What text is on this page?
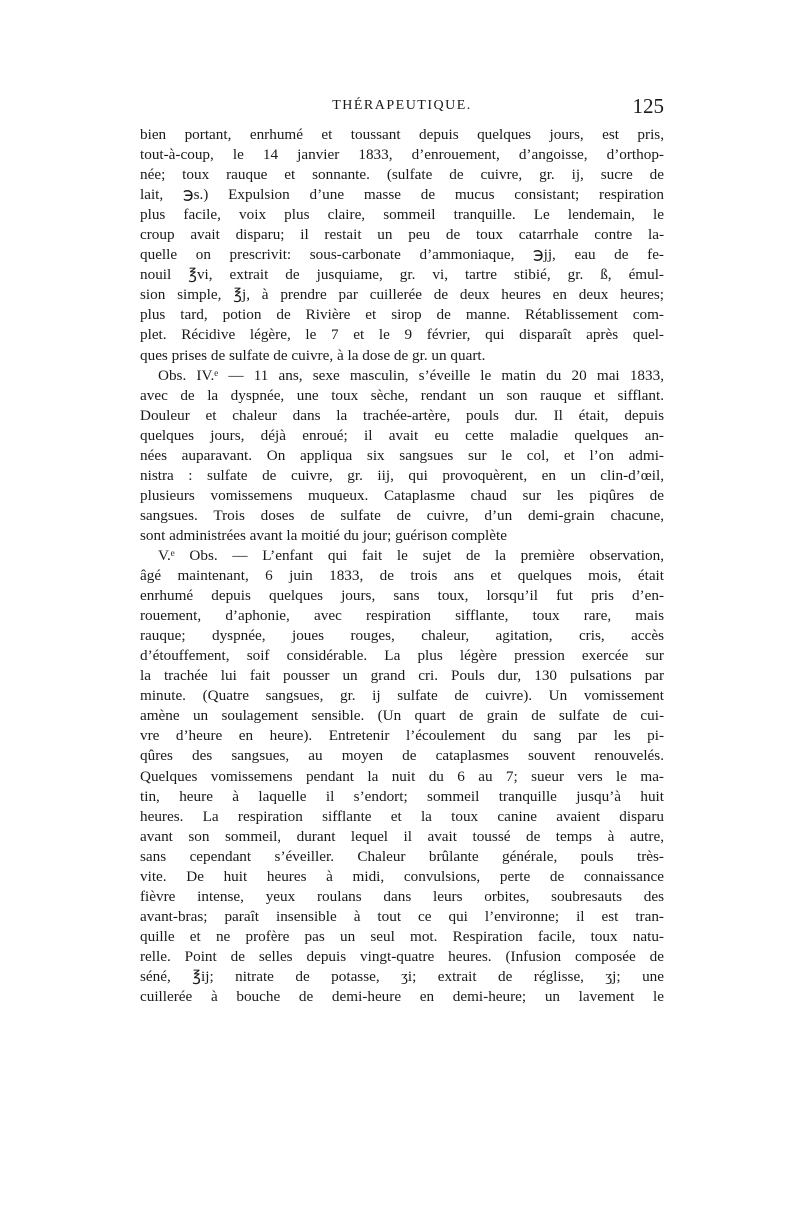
THÉRAPEUTIQUE.	125
bien portant, enrhumé et toussant depuis quelques jours, est pris,
tout-à-coup, le 14 janvier 1833, d’enrouement, d’angoisse, d’orthop-
née; toux rauque et sonnante. (sulfate de cuivre, gr. ij, sucre de
lait, ℈s.) Expulsion d’une masse de mucus consistant; respiration
plus facile, voix plus claire, sommeil tranquille. Le lendemain, le
croup avait disparu; il restait un peu de toux catarrhale contre la-
quelle on prescrivit: sous-carbonate d’ammoniaque, ℈jj, eau de fe-
nouil ℥vi, extrait de jusquiame, gr. vi, tartre stibié, gr. ß, émul-
sion simple, ℥j, à prendre par cuillerée de deux heures en deux heures;
plus tard, potion de Rivière et sirop de manne. Rétablissement com-
plet. Récidive légère, le 7 et le 9 février, qui disparaît après quel-
ques prises de sulfate de cuivre, à la dose de gr. un quart.
Obs. IV.ᵉ — 11 ans, sexe masculin, s’éveille le matin du 20 mai 1833,
avec de la dyspnée, une toux sèche, rendant un son rauque et sifflant.
Douleur et chaleur dans la trachée-artère, pouls dur. Il était, depuis
quelques jours, déjà enroué; il avait eu cette maladie quelques an-
nées auparavant. On appliqua six sangsues sur le col, et l’on admi-
nistra : sulfate de cuivre, gr. iij, qui provoquèrent, en un clin-d’œil,
plusieurs vomissemens muqueux. Cataplasme chaud sur les piqûres de
sangsues. Trois doses de sulfate de cuivre, d’un demi-grain chacune,
sont administrées avant la moitié du jour; guérison complète
V.ᵉ Obs. — L’enfant qui fait le sujet de la première observation,
âgé maintenant, 6 juin 1833, de trois ans et quelques mois, était
enrhumé depuis quelques jours, sans toux, lorsqu’il fut pris d’en-
rouement, d’aphonie, avec respiration sifflante, toux rare, mais
rauque; dyspnée, joues rouges, chaleur, agitation, cris, accès
d’étouffement, soif considérable. La plus légère pression exercée sur
la trachée lui fait pousser un grand cri. Pouls dur, 130 pulsations par
minute. (Quatre sangsues, gr. ij sulfate de cuivre). Un vomissement
amène un soulagement sensible. (Un quart de grain de sulfate de cui-
vre d’heure en heure). Entretenir l’écoulement du sang par les pi-
qûres des sangsues, au moyen de cataplasmes souvent renouvelés.
Quelques vomissemens pendant la nuit du 6 au 7; sueur vers le ma-
tin, heure à laquelle il s’endort; sommeil tranquille jusqu’à huit
heures. La respiration sifflante et la toux canine avaient disparu
avant son sommeil, durant lequel il avait toussé de temps à autre,
sans cependant s’éveiller. Chaleur brûlante générale, pouls très-
vite. De huit heures à midi, convulsions, perte de connaissance
fièvre intense, yeux roulans dans leurs orbites, soubresauts des
avant-bras; paraît insensible à tout ce qui l’environne; il est tran-
quille et ne profère pas un seul mot. Respiration facile, toux natu-
relle. Point de selles depuis vingt-quatre heures. (Infusion composée de
séné, ℥ij; nitrate de potasse, ʒi; extrait de réglisse, ʒj; une
cuillerée à bouche de demi-heure en demi-heure; un lavement le
